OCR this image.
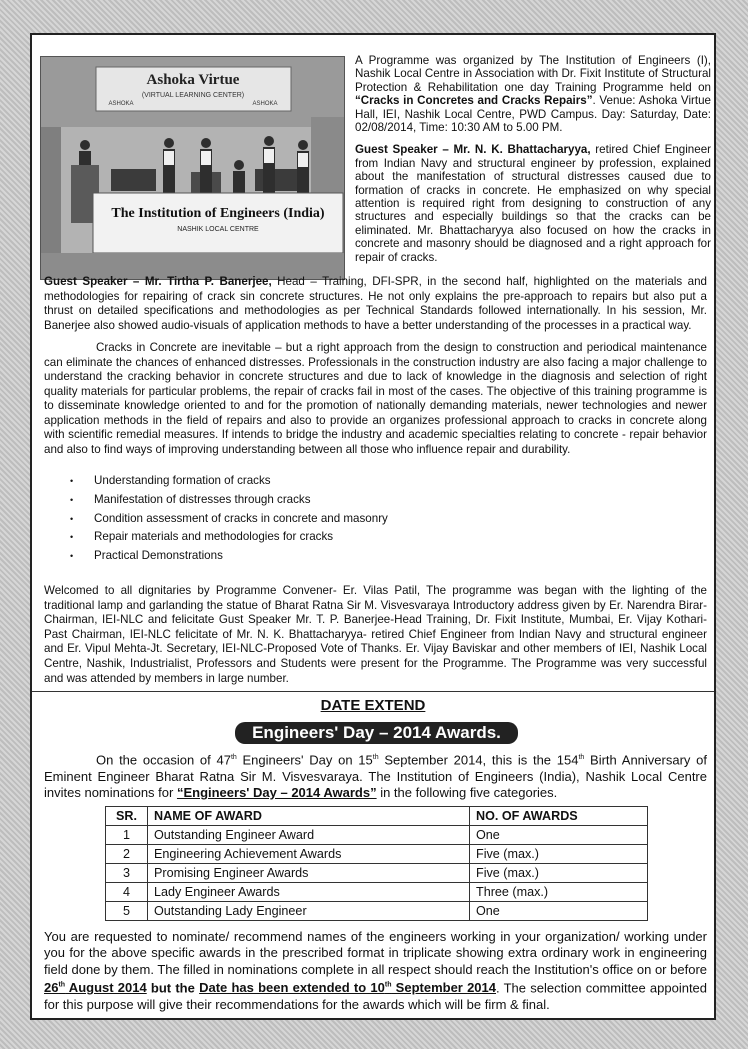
Ashoka Virtue
(VIRTUAL LEARNING CENTER)
ASHOKA	ASHOKA
The Institution of Engineers (India)
NASHIK LOCAL CENTRE

A Programme was organized by The Institution of Engineers (I), Nashik Local Centre in Association with Dr. Fixit Institute of Structural Protection & Rehabilitation one day Training Programme held on “Cracks in Concretes and Cracks Repairs”. Venue: Ashoka Virtue Hall, IEI, Nashik Local Centre, PWD Campus. Day: Saturday, Date: 02/08/2014, Time: 10:30 AM to 5.00 PM.

Guest Speaker – Mr. N. K. Bhattacharyya, retired Chief Engineer from Indian Navy and structural engineer by profession, explained about the manifestation of structural distresses caused due to formation of cracks in concrete. He emphasized on why special attention is required right from designing to construction of any structures and especially buildings so that the cracks can be eliminated. Mr. Bhattacharyya also focused on how the cracks in concrete and masonry should be diagnosed and a right approach for repair of cracks.

Guest Speaker – Mr. Tirtha P. Banerjee, Head – Training, DFI-SPR, in the second half, highlighted on the materials and methodologies for repairing of crack sin concrete structures. He not only explains the pre-approach to repairs but also put a thrust on detailed specifications and methodologies as per Technical Standards followed internationally. In his session, Mr. Banerjee also showed audio-visuals of application methods to have a better understanding of the processes in a practical way.

Cracks in Concrete are inevitable – but a right approach from the design to construction and periodical maintenance can eliminate the chances of enhanced distresses. Professionals in the construction industry are also facing a major challenge to understand the cracking behavior in concrete structures and due to lack of knowledge in the diagnosis and selection of right quality materials for particular problems, the repair of cracks fail in most of the cases. The objective of this training programme is to disseminate knowledge oriented to and for the promotion of nationally demanding materials, newer technologies and newer application methods in the field of repairs and also to provide an organizes professional approach to cracks in concrete along with scientific remedial measures. If intends to bridge the industry and academic specialties relating to concrete - repair behavior and also to find ways of improving understanding between all those who influence repair and durability.

• Understanding formation of cracks
• Manifestation of distresses through cracks
• Condition assessment of cracks in concrete and masonry
• Repair materials and methodologies for cracks
• Practical Demonstrations

Welcomed to all dignitaries by Programme Convener- Er. Vilas Patil, The programme was began with the lighting of the traditional lamp and garlanding the statue of Bharat Ratna Sir M. Visvesvaraya Introductory address given by Er. Narendra Birar-Chairman, IEI-NLC and felicitate Gust Speaker Mr. T. P. Banerjee-Head Training, Dr. Fixit Institute, Mumbai, Er. Vijay Kothari-Past Chairman, IEI-NLC felicitate of Mr. N. K. Bhattacharyya- retired Chief Engineer from Indian Navy and structural engineer and Er. Vipul Mehta-Jt. Secretary, IEI-NLC-Proposed Vote of Thanks. Er. Vijay Baviskar and other members of IEI, Nashik Local Centre, Nashik, Industrialist, Professors and Students were present for the Programme. The Programme was very successful and was attended by members in large number.

DATE EXTEND
Engineers' Day – 2014 Awards.

On the occasion of 47th Engineers' Day on 15th September 2014, this is the 154th Birth Anniversary of Eminent Engineer Bharat Ratna Sir M. Visvesvaraya. The Institution of Engineers (India), Nashik Local Centre invites nominations for “Engineers' Day – 2014 Awards” in the following five categories.

SR.	NAME OF AWARD	NO. OF AWARDS
1	Outstanding Engineer Award	One
2	Engineering Achievement Awards	Five (max.)
3	Promising Engineer Awards	Five (max.)
4	Lady Engineer Awards	Three (max.)
5	Outstanding Lady Engineer	One

You are requested to nominate/ recommend names of the engineers working in your organization/ working under you for the above specific awards in the prescribed format in triplicate showing extra ordinary work in engineering field done by them. The filled in nominations complete in all respect should reach the Institution's office on or before 26th August 2014 but the Date has been extended to 10th September 2014. The selection committee appointed for this purpose will give their recommendations for the awards which will be firm & final.
